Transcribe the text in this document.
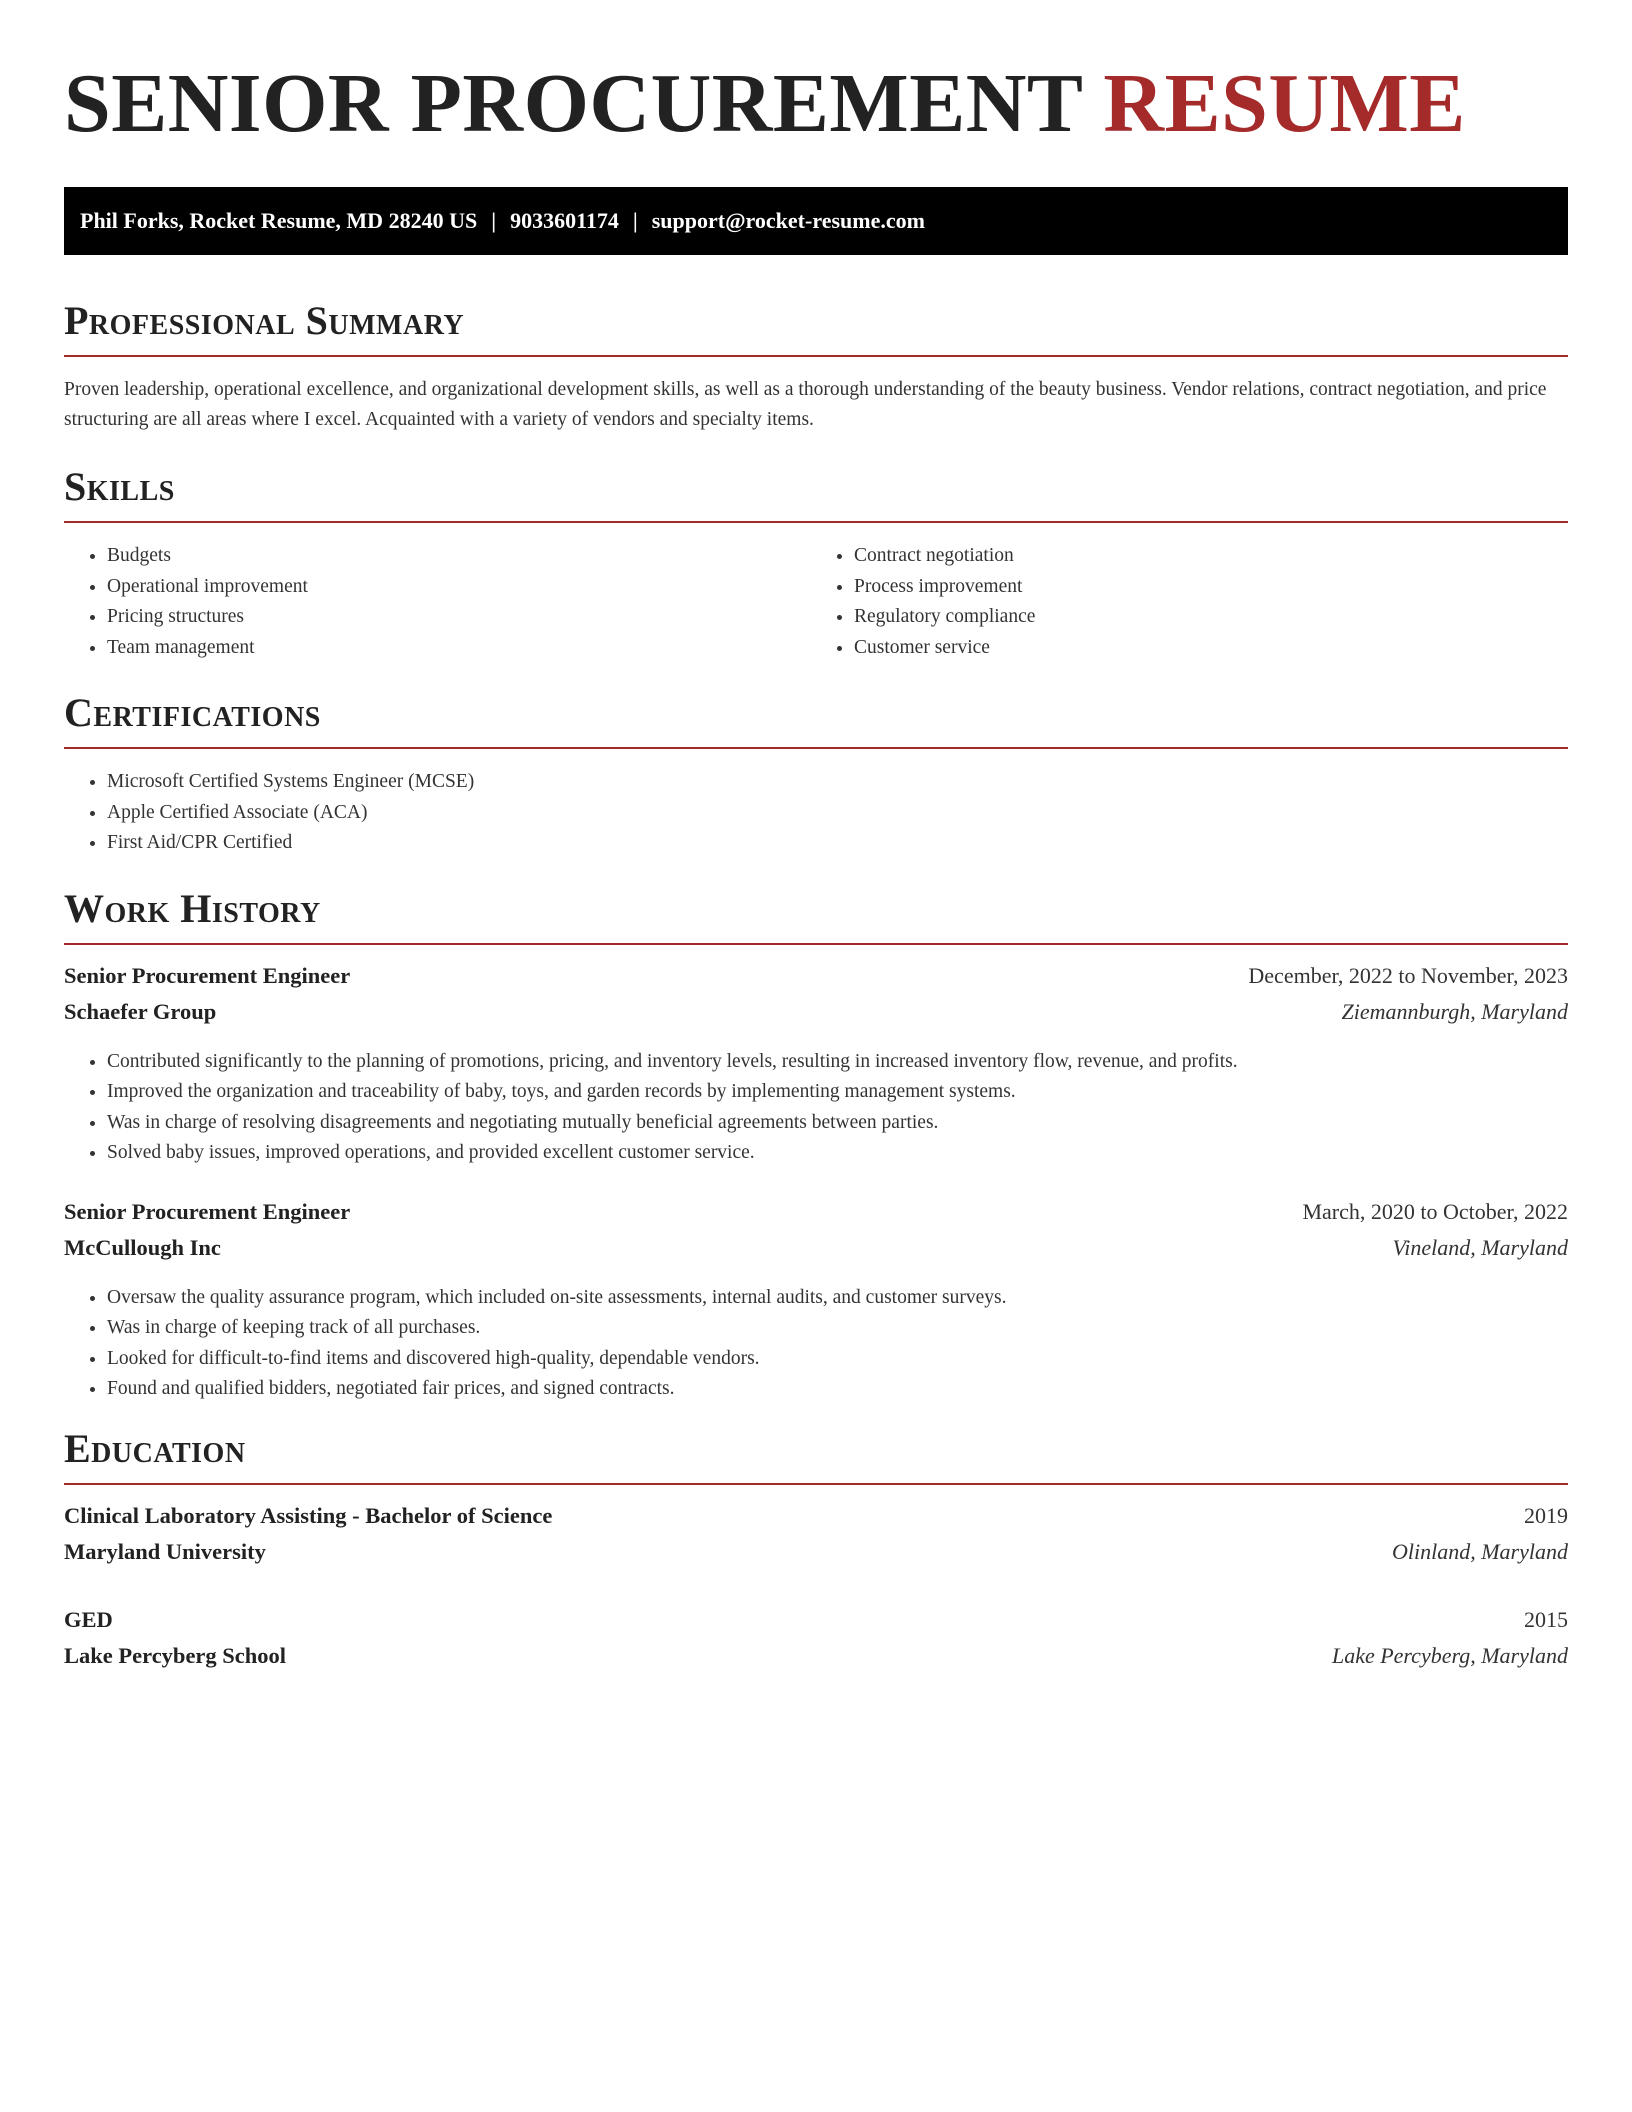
SENIOR PROCUREMENT RESUME
Phil Forks, Rocket Resume, MD 28240 US | 9033601174 | support@rocket-resume.com
Professional Summary

Proven leadership, operational excellence, and organizational development skills, as well as a thorough understanding of the beauty business. Vendor relations, contract negotiation, and price structuring are all areas where I excel. Acquainted with a variety of vendors and specialty items.

Skills
• Budgets
• Operational improvement
• Pricing structures
• Team management
• Contract negotiation
• Process improvement
• Regulatory compliance
• Customer service
Certifications
• Microsoft Certified Systems Engineer (MCSE)
• Apple Certified Associate (ACA)
• First Aid/CPR Certified
Work History
Senior Procurement Engineer	December, 2022 to November, 2023
Schaefer Group	Ziemannburgh, Maryland
• Contributed significantly to the planning of promotions, pricing, and inventory levels, resulting in increased inventory flow, revenue, and profits.
• Improved the organization and traceability of baby, toys, and garden records by implementing management systems.
• Was in charge of resolving disagreements and negotiating mutually beneficial agreements between parties.
• Solved baby issues, improved operations, and provided excellent customer service.
Senior Procurement Engineer	March, 2020 to October, 2022
McCullough Inc	Vineland, Maryland
• Oversaw the quality assurance program, which included on-site assessments, internal audits, and customer surveys.
• Was in charge of keeping track of all purchases.
• Looked for difficult-to-find items and discovered high-quality, dependable vendors.
• Found and qualified bidders, negotiated fair prices, and signed contracts.
Education
Clinical Laboratory Assisting - Bachelor of Science	2019
Maryland University	Olinland, Maryland
GED	2015
Lake Percyberg School	Lake Percyberg, Maryland
